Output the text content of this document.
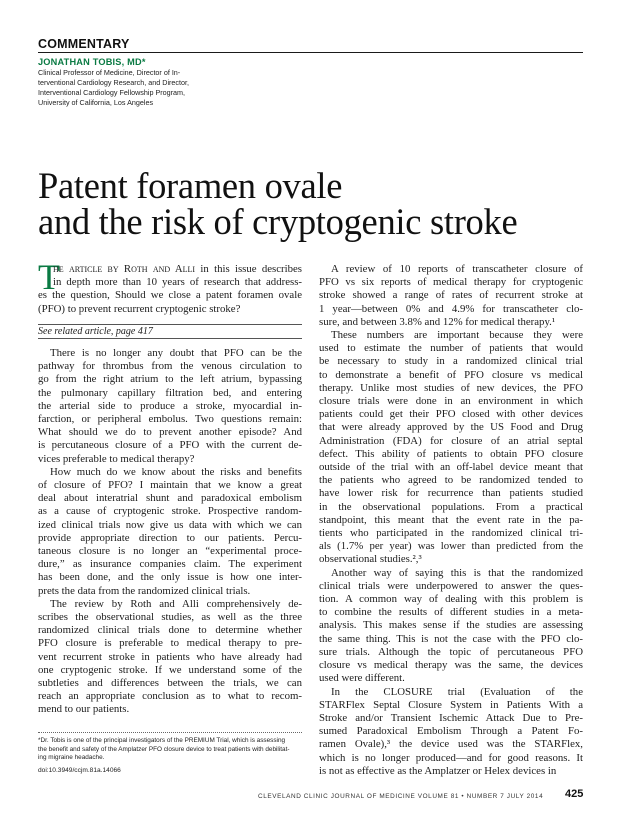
COMMENTARY
JONATHAN TOBIS, MD*
Clinical Professor of Medicine, Director of In-
terventional Cardiology Research, and Director,
Interventional Cardiology Fellowship Program,
University of California, Los Angeles
Patent foramen ovale
and the risk of cryptogenic stroke
T
he article by Roth and Alli in this issue describes
in depth more than 10 years of research that address-
es the question, Should we close a patent foramen ovale
(PFO) to prevent recurrent cryptogenic stroke?
See related article, page 417
There is no longer any doubt that PFO can be the
pathway for thrombus from the venous circulation to
go from the right atrium to the left atrium, bypassing
the pulmonary capillary filtration bed, and entering
the arterial side to produce a stroke, myocardial in-
farction, or peripheral embolus. Two questions remain:
What should we do to prevent another episode? And
is percutaneous closure of a PFO with the current de-
vices preferable to medical therapy?
How much do we know about the risks and benefits
of closure of PFO? I maintain that we know a great
deal about interatrial shunt and paradoxical embolism
as a cause of cryptogenic stroke. Prospective random-
ized clinical trials now give us data with which we can
provide appropriate direction to our patients. Percu-
taneous closure is no longer an “experimental proce-
dure,” as insurance companies claim. The experiment
has been done, and the only issue is how one inter-
prets the data from the randomized clinical trials.
The review by Roth and Alli comprehensively de-
scribes the observational studies, as well as the three
randomized clinical trials done to determine whether
PFO closure is preferable to medical therapy to pre-
vent recurrent stroke in patients who have already had
one cryptogenic stroke. If we understand some of the
subtleties and differences between the trials, we can
reach an appropriate conclusion as to what to recom-
mend to our patients.
A review of 10 reports of transcatheter closure of
PFO vs six reports of medical therapy for cryptogenic
stroke showed a range of rates of recurrent stroke at
1 year—between 0% and 4.9% for transcatheter clo-
sure, and between 3.8% and 12% for medical therapy.¹
These numbers are important because they were
used to estimate the number of patients that would
be necessary to study in a randomized clinical trial
to demonstrate a benefit of PFO closure vs medical
therapy. Unlike most studies of new devices, the PFO
closure trials were done in an environment in which
patients could get their PFO closed with other devices
that were already approved by the US Food and Drug
Administration (FDA) for closure of an atrial septal
defect. This ability of patients to obtain PFO closure
outside of the trial with an off-label device meant that
the patients who agreed to be randomized tended to
have lower risk for recurrence than patients studied
in the observational populations. From a practical
standpoint, this meant that the event rate in the pa-
tients who participated in the randomized clinical tri-
als (1.7% per year) was lower than predicted from the
observational studies.²,³
Another way of saying this is that the randomized
clinical trials were underpowered to answer the ques-
tion. A common way of dealing with this problem is
to combine the results of different studies in a meta-
analysis. This makes sense if the studies are assessing
the same thing. This is not the case with the PFO clo-
sure trials. Although the topic of percutaneous PFO
closure vs medical therapy was the same, the devices
used were different.
In the CLOSURE trial (Evaluation of the
STARFlex Septal Closure System in Patients With a
Stroke and/or Transient Ischemic Attack Due to Pre-
sumed Paradoxical Embolism Through a Patent Fo-
ramen Ovale),³ the device used was the STARFlex,
which is no longer produced—and for good reasons. It
is not as effective as the Amplatzer or Helex devices in
*Dr. Tobis is one of the principal investigators of the PREMIUM Trial, which is assessing
the benefit and safety of the Amplatzer PFO closure device to treat patients with debilitat-
ing migraine headache.
doi:10.3949/ccjm.81a.14066
CLEVELAND CLINIC JOURNAL OF MEDICINE VOLUME 81 • NUMBER 7 JULY 2014 425
